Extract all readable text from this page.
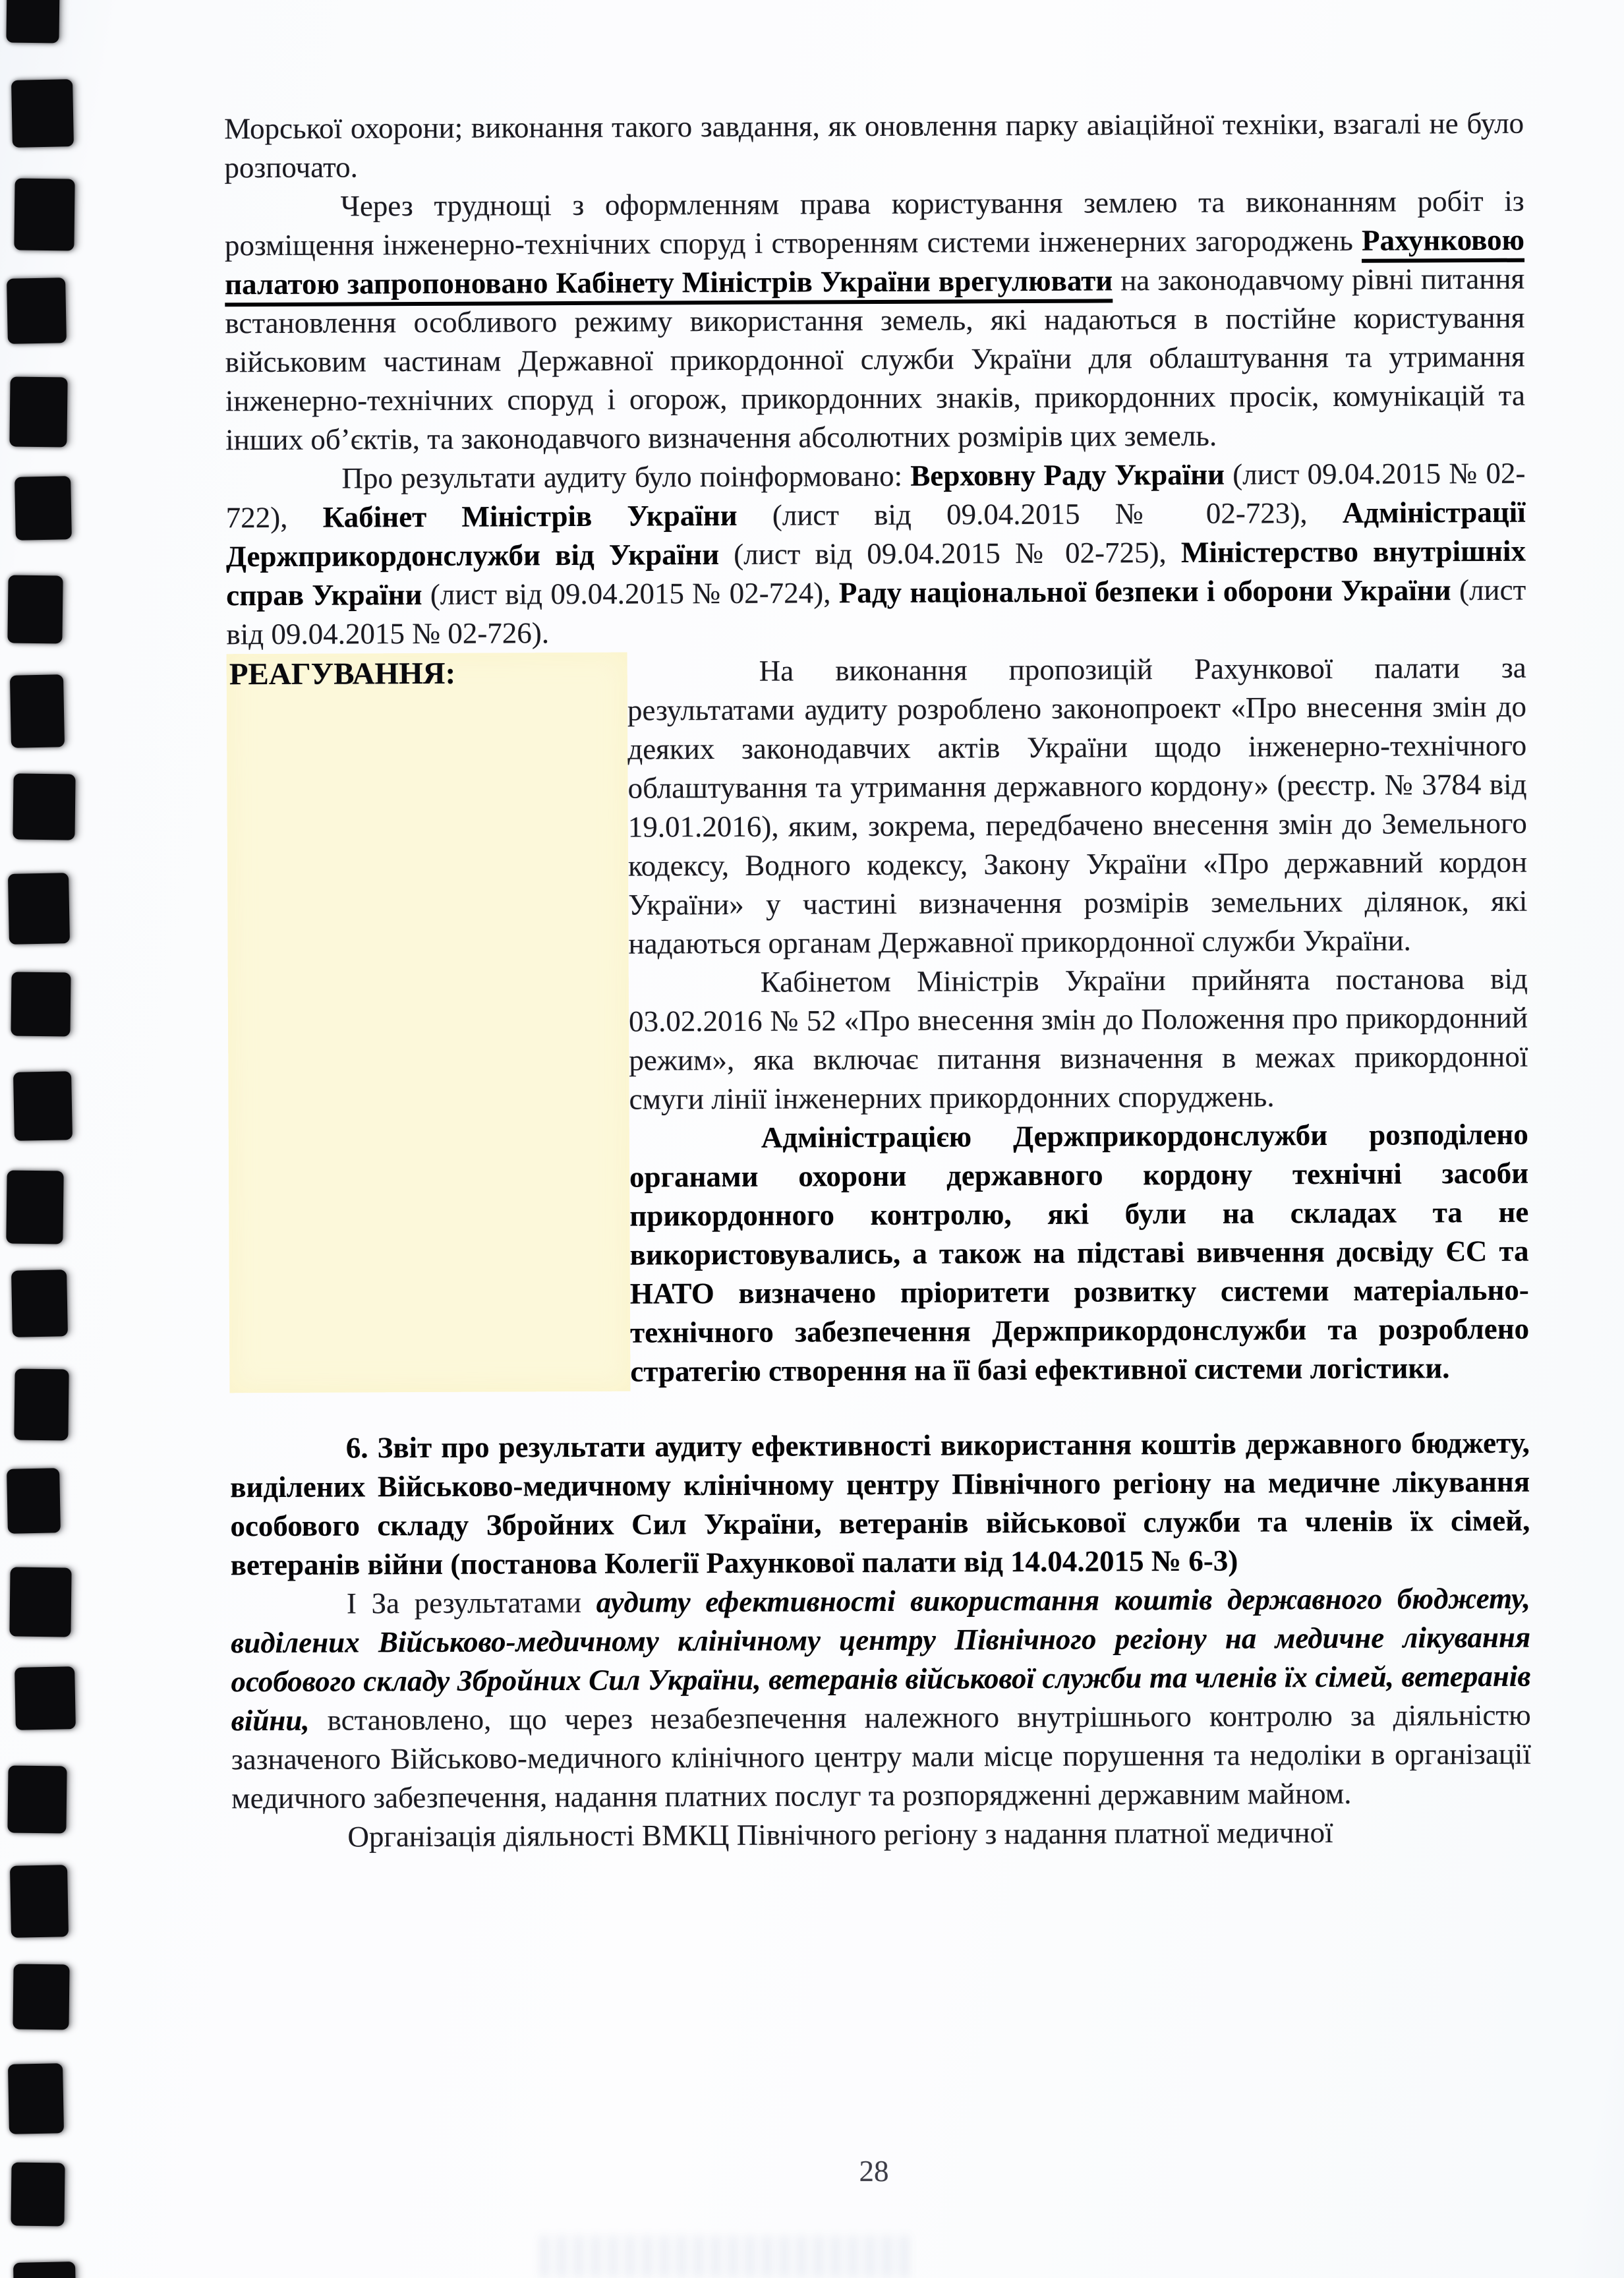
Морської охорони; виконання такого завдання, як оновлення парку авіаційної техніки, взагалі не було розпочато.
Через труднощі з оформленням права користування землею та виконанням робіт із розміщення інженерно-технічних споруд і створенням системи інженерних загороджень Рахунковою палатою запропоновано Кабінету Міністрів України врегулювати на законодавчому рівні питання встановлення особливого режиму використання земель, які надаються в постійне користування військовим частинам Державної прикордонної служби України для облаштування та утримання інженерно-технічних споруд і огорож, прикордонних знаків, прикордонних просік, комунікацій та інших об’єктів, та законодавчого визначення абсолютних розмірів цих земель.
Про результати аудиту було поінформовано: Верховну Раду України (лист 09.04.2015 № 02-722), Кабінет Міністрів України (лист від 09.04.2015 № 02-723), Адміністрації Держприкордонслужби від України (лист від 09.04.2015 № 02-725), Міністерство внутрішніх справ України (лист від 09.04.2015 № 02-724), Раду національної безпеки і оборони України (лист від 09.04.2015 № 02-726).
РЕАГУВАННЯ:	На виконання пропозицій Рахункової палати за результатами аудиту розроблено законопроект «Про внесення змін до деяких законодавчих актів України щодо інженерно-технічного облаштування та утримання державного кордону» (реєстр. № 3784 від 19.01.2016), яким, зокрема, передбачено внесення змін до Земельного кодексу, Водного кодексу, Закону України «Про державний кордон України» у частині визначення розмірів земельних ділянок, які надаються органам Державної прикордонної служби України.
Кабінетом Міністрів України прийнята постанова від 03.02.2016 № 52 «Про внесення змін до Положення про прикордонний режим», яка включає питання визначення в межах прикордонної смуги лінії інженерних прикордонних споруджень.
Адміністрацією Держприкордонслужби розподілено органами охорони державного кордону технічні засоби прикордонного контролю, які були на складах та не використовувались, а також на підставі вивчення досвіду ЄС та НАТО визначено пріоритети розвитку системи матеріально-технічного забезпечення Держприкордонслужби та розроблено стратегію створення на її базі ефективної системи логістики.
6. Звіт про результати аудиту ефективності використання коштів державного бюджету, виділених Військово-медичному клінічному центру Північного регіону на медичне лікування особового складу Збройних Сил України, ветеранів військової служби та членів їх сімей, ветеранів війни (постанова Колегії Рахункової палати від 14.04.2015 № 6-3)
І За результатами аудиту ефективності використання коштів державного бюджету, виділених Військово-медичному клінічному центру Північного регіону на медичне лікування особового складу Збройних Сил України, ветеранів військової служби та членів їх сімей, ветеранів війни, встановлено, що через незабезпечення належного внутрішнього контролю за діяльністю зазначеного Військово-медичного клінічного центру мали місце порушення та недоліки в організації медичного забезпечення, надання платних послуг та розпорядженні державним майном.
Організація діяльності ВМКЦ Північного регіону з надання платної медичної
28
